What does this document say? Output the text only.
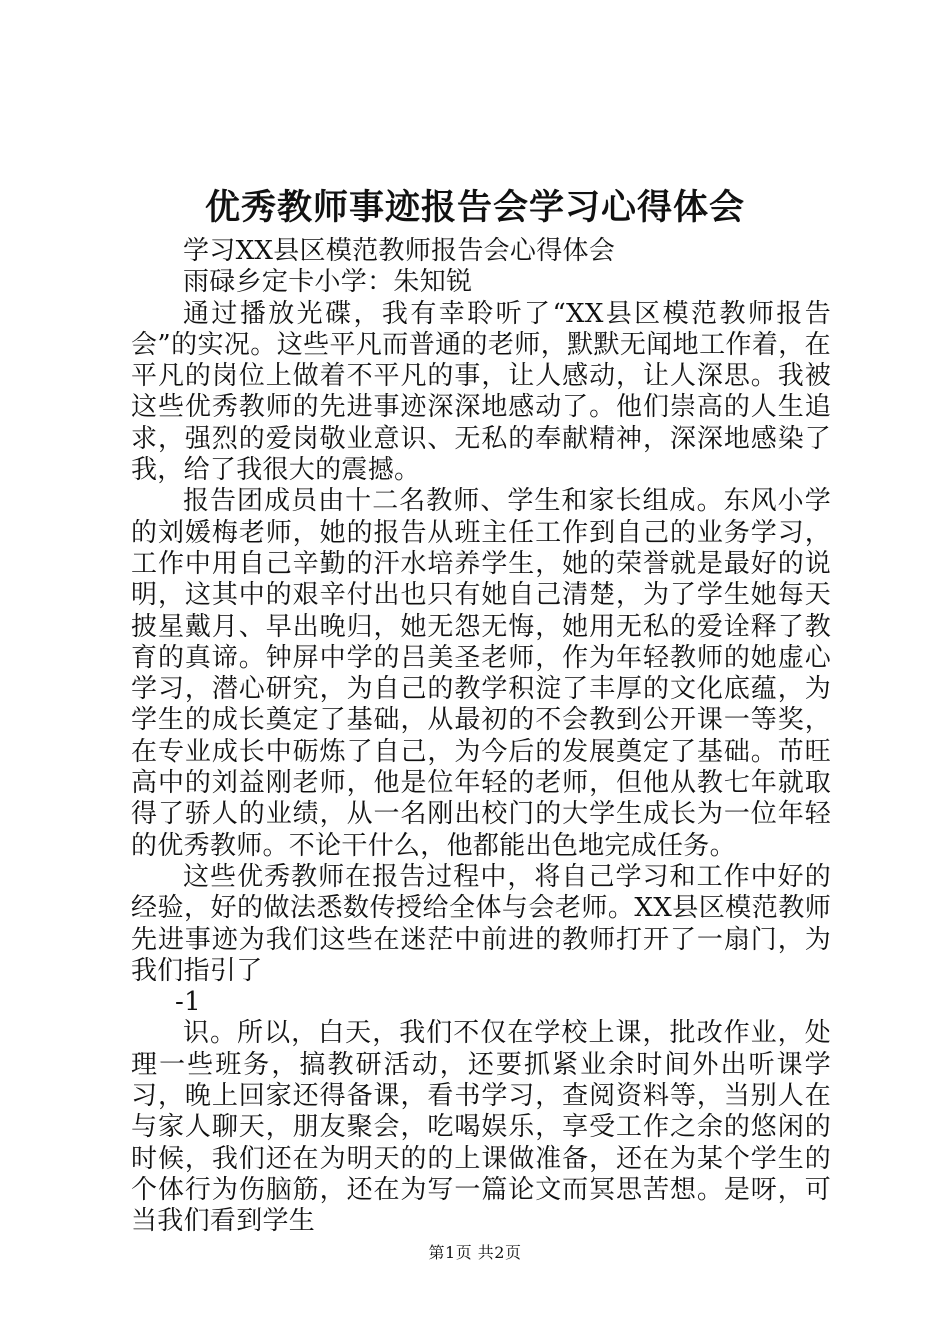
优秀教师事迹报告会学习心得体会

学习XX县区模范教师报告会心得体会

雨碌乡定卡小学：朱知锐

通过播放光碟，我有幸聆听了“XX县区模范教师报告会”的实况。这些平凡而普通的老师，默默无闻地工作着，在平凡的岗位上做着不平凡的事，让人感动，让人深思。我被这些优秀教师的先进事迹深深地感动了。他们崇高的人生追求，强烈的爱岗敬业意识、无私的奉献精神，深深地感染了我，给了我很大的震撼。

报告团成员由十二名教师、学生和家长组成。东风小学的刘媛梅老师，她的报告从班主任工作到自己的业务学习，工作中用自己辛勤的汗水培养学生，她的荣誉就是最好的说明，这其中的艰辛付出也只有她自己清楚，为了学生她每天披星戴月、早出晚归，她无怨无悔，她用无私的爱诠释了教育的真谛。钟屏中学的吕美圣老师，作为年轻教师的她虚心学习，潜心研究，为自己的教学积淀了丰厚的文化底蕴，为学生的成长奠定了基础，从最初的不会教到公开课一等奖，在专业成长中砺炼了自己，为今后的发展奠定了基础。芇旺高中的刘益刚老师，他是位年轻的老师，但他从教七年就取得了骄人的业绩，从一名刚出校门的大学生成长为一位年轻的优秀教师。不论干什么，他都能出色地完成任务。

这些优秀教师在报告过程中，将自己学习和工作中好的经验，好的做法悉数传授给全体与会老师。XX县区模范教师先进事迹为我们这些在迷茫中前进的教师打开了一扇门，为我们指引了

-1

识。所以，白天，我们不仅在学校上课，批改作业，处理一些班务，搞教研活动，还要抓紧业余时间外出听课学习，晚上回家还得备课，看书学习，查阅资料等，当别人在与家人聊天，朋友聚会，吃喝娱乐，享受工作之余的悠闲的时候，我们还在为明天的的上课做准备，还在为某个学生的个体行为伤脑筋，还在为写一篇论文而冥思苦想。是呀，可当我们看到学生

第1页 共2页
